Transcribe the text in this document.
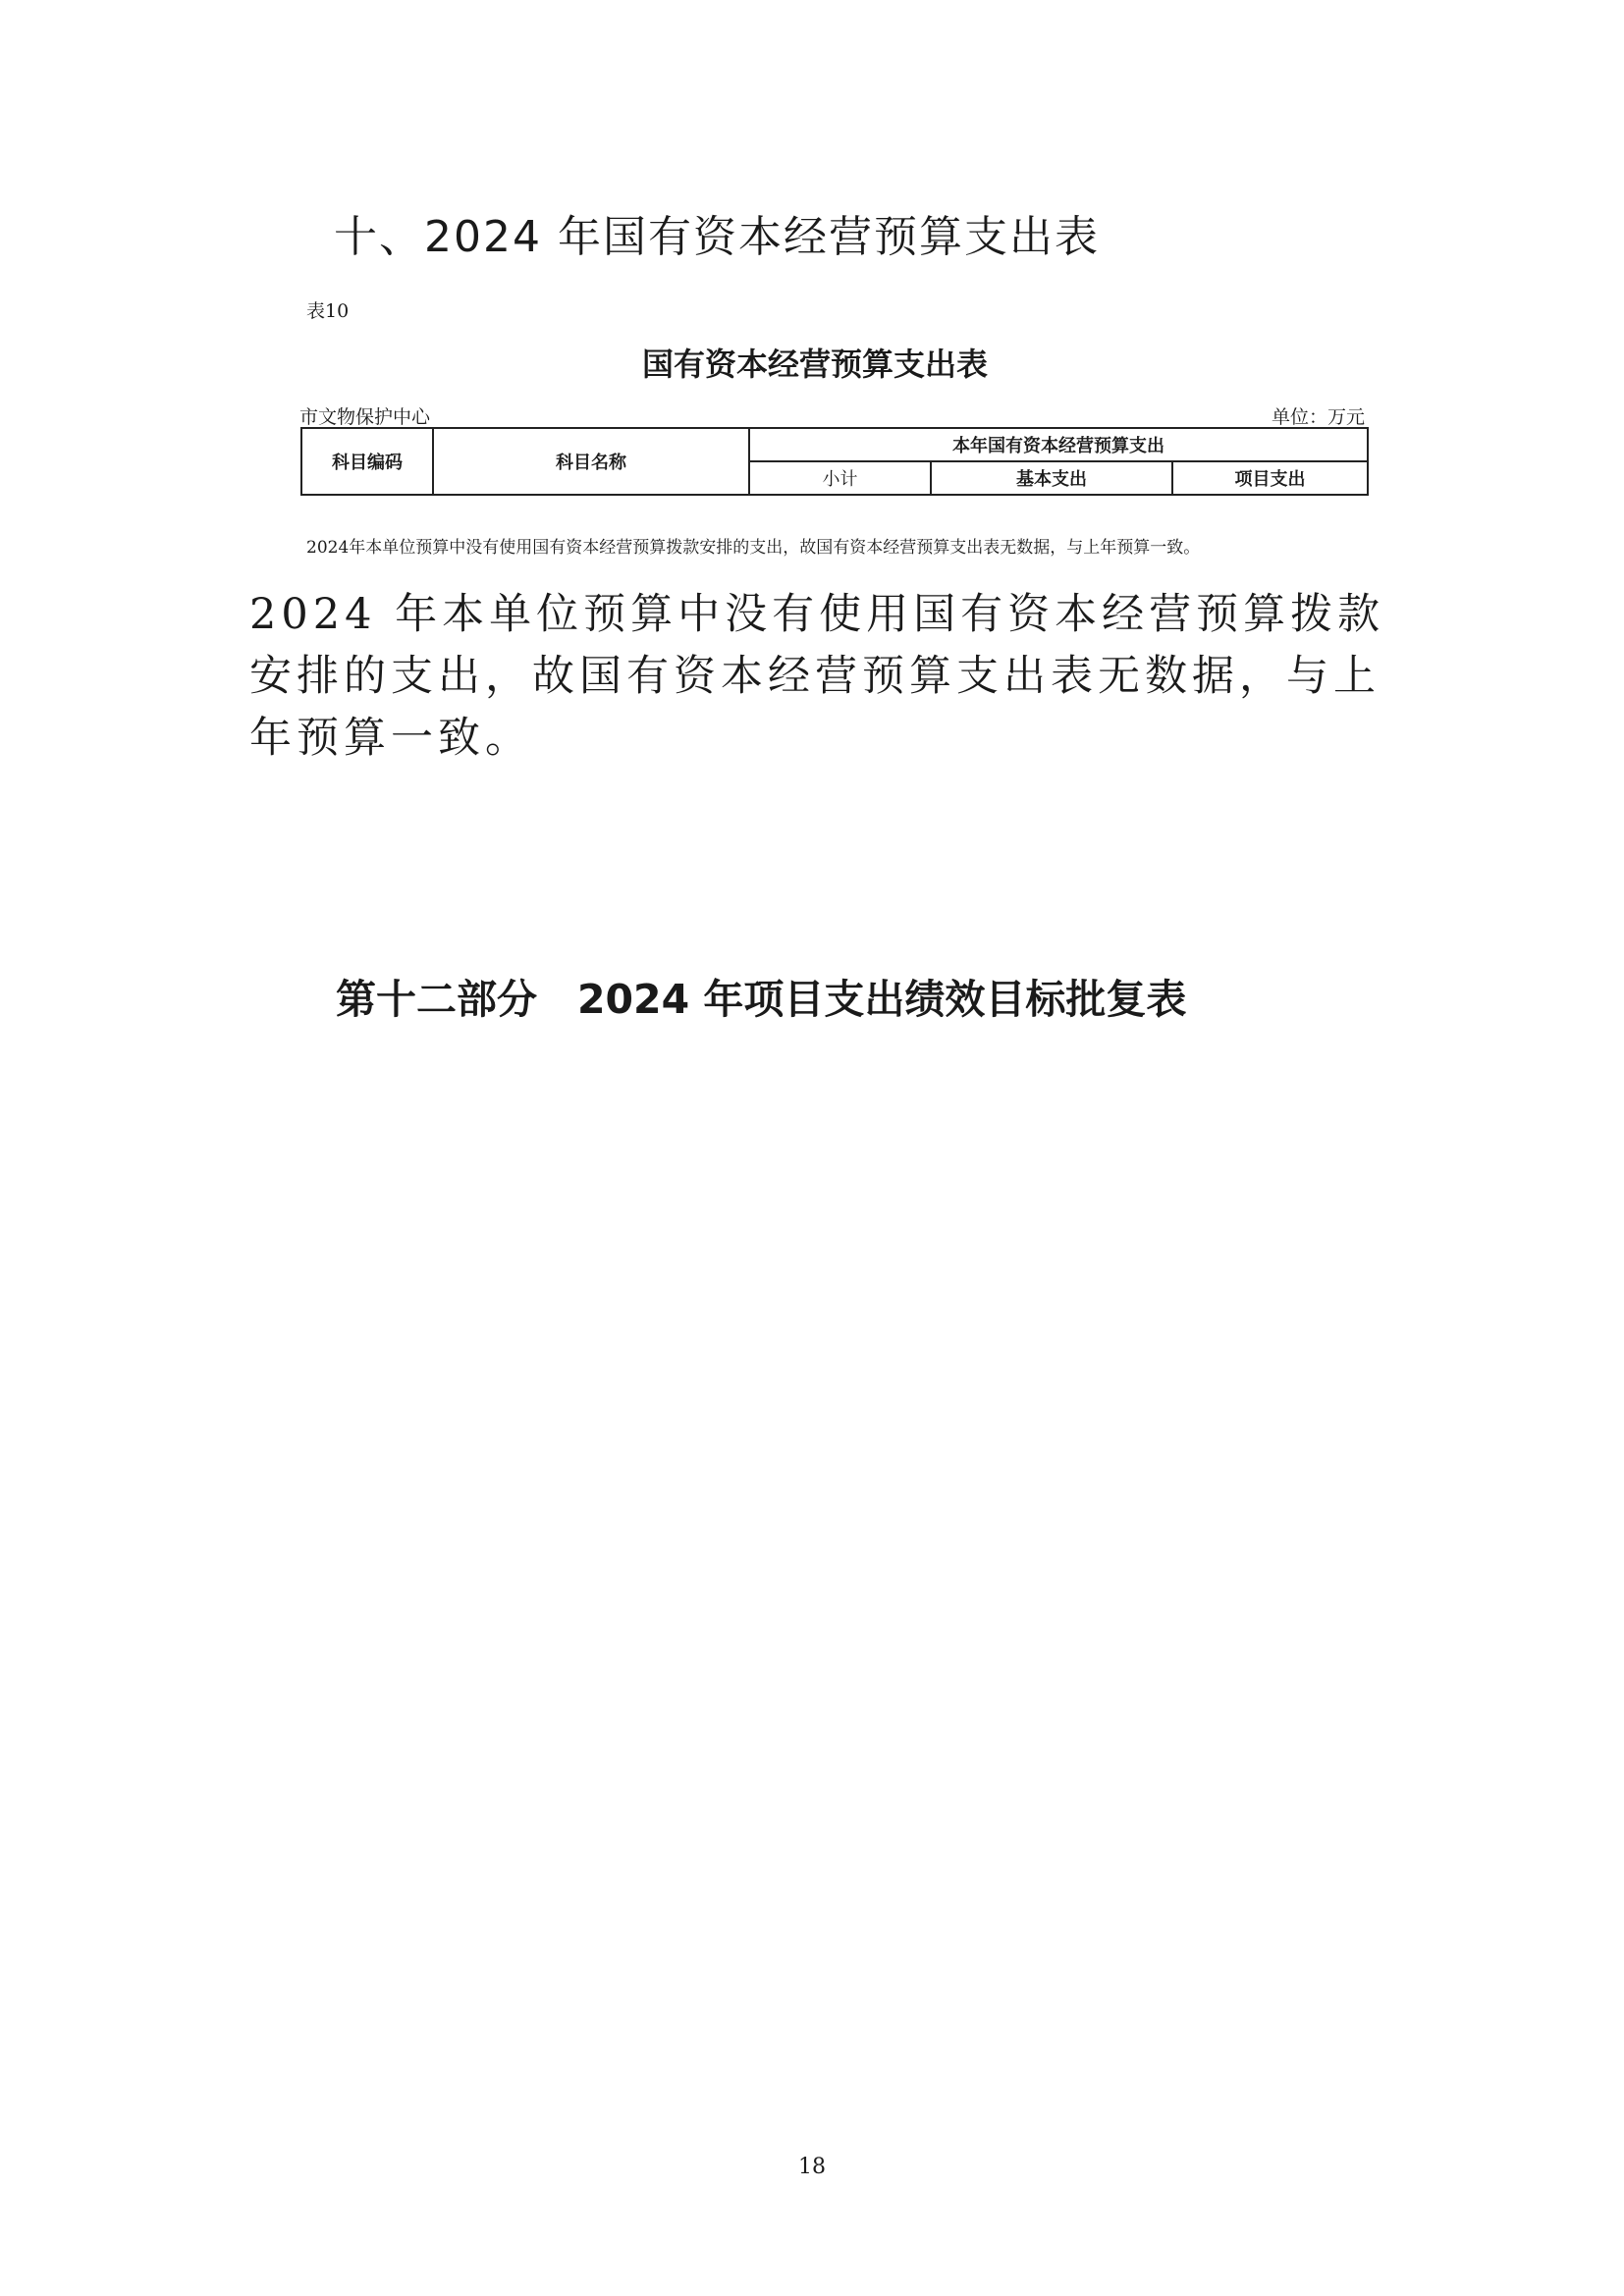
十、2024 年国有资本经营预算支出表
表10
国有资本经营预算支出表
市文物保护中心	单位：万元
科目编码	科目名称	本年国有资本经营预算支出		
		小计	基本支出	项目支出
2024年本单位预算中没有使用国有资本经营预算拨款安排的支出，故国有资本经营预算支出表无数据，与上年预算一致。
2024 年本单位预算中没有使用国有资本经营预算拨款安排的支出，故国有资本经营预算支出表无数据，与上年预算一致。
第十二部分　2024 年项目支出绩效目标批复表
18
